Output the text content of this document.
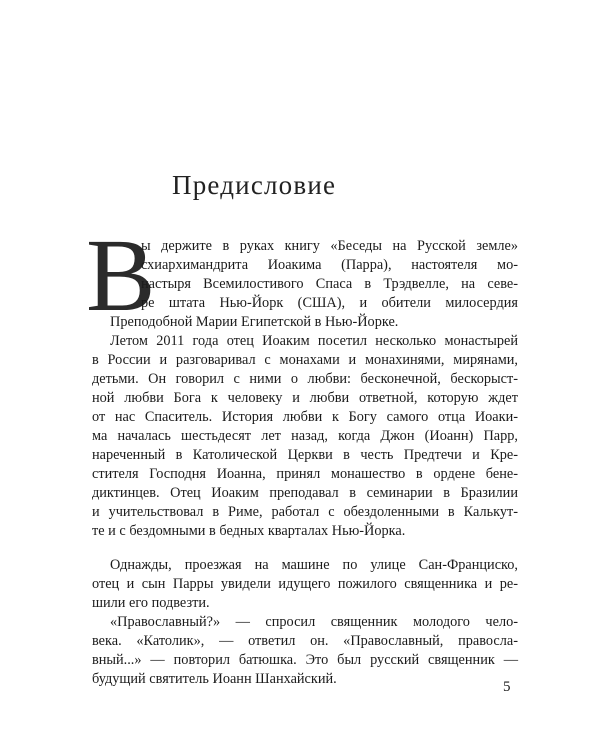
Предисловие
В
ы держите в руках книгу «Беседы на Русской земле»
схиархимандрита Иоакима (Парра), настоятеля мо-
настыря Всемилостивого Спаса в Трэдвелле, на севе-
ре штата Нью-Йорк (США), и обители милосердия
Преподобной Марии Египетской в Нью-Йорке.
Летом 2011 года отец Иоаким посетил несколько монастырей
в России и разговаривал с монахами и монахинями, мирянами,
детьми. Он говорил с ними о любви: бесконечной, бескорыст-
ной любви Бога к человеку и любви ответной, которую ждет
от нас Спаситель. История любви к Богу самого отца Иоаки-
ма началась шестьдесят лет назад, когда Джон (Иоанн) Парр,
нареченный в Католической Церкви в честь Предтечи и Кре-
стителя Господня Иоанна, принял монашество в ордене бене-
диктинцев. Отец Иоаким преподавал в семинарии в Бразилии
и учительствовал в Риме, работал с обездоленными в Калькут-
те и с бездомными в бедных кварталах Нью-Йорка.
Однажды, проезжая на машине по улице Сан-Франциско,
отец и сын Парры увидели идущего пожилого священника и ре-
шили его подвезти.
«Православный?» — спросил священник молодого чело-
века. «Католик», — ответил он. «Православный, правосла-
вный...» — повторил батюшка. Это был русский священник —
будущий святитель Иоанн Шанхайский.	5
